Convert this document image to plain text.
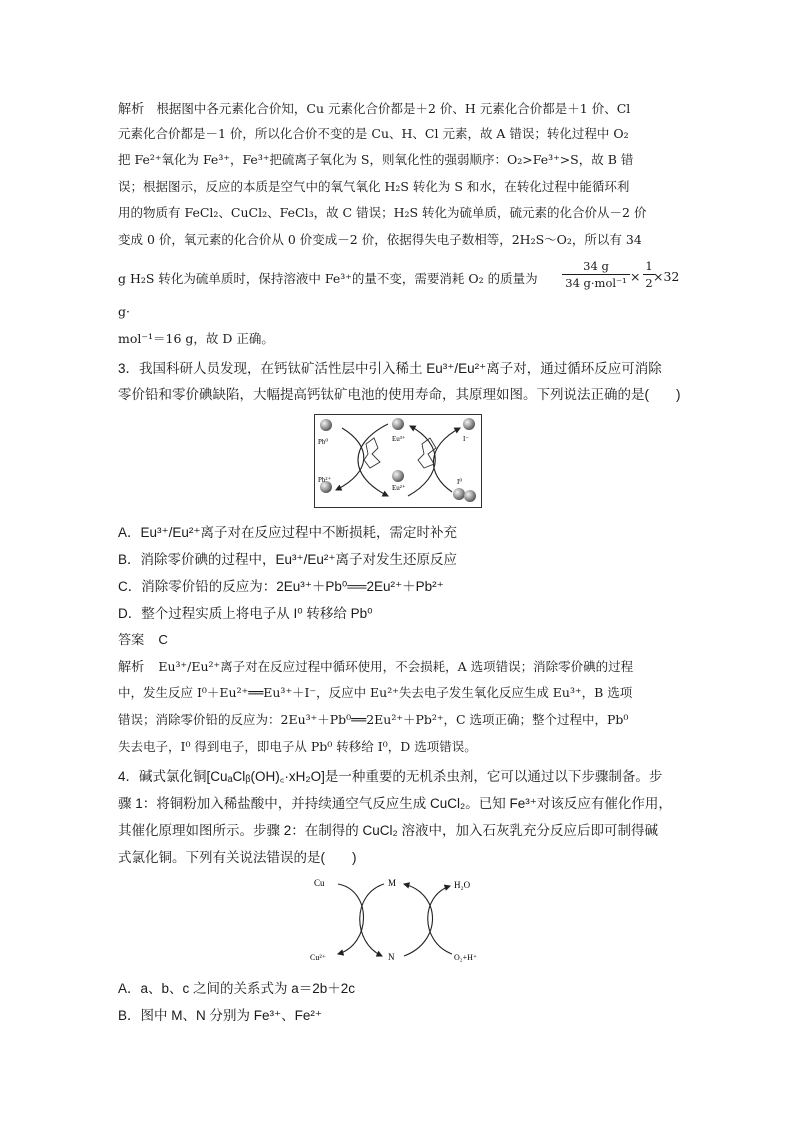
解析 根据图中各元素化合价知，Cu 元素化合价都是＋2 价、H 元素化合价都是＋1 价、Cl
元素化合价都是－1 价，所以化合价不变的是 Cu、H、Cl 元素，故 A 错误；转化过程中 O₂
把 Fe²⁺氧化为 Fe³⁺，Fe³⁺把硫离子氧化为 S，则氧化性的强弱顺序：O₂>Fe³⁺>S，故 B 错
误；根据图示，反应的本质是空气中的氧气氧化 H₂S 转化为 S 和水，在转化过程中能循环利
用的物质有 FeCl₂、CuCl₂、FeCl₃，故 C 错误；H₂S 转化为硫单质，硫元素的化合价从－2 价
变成 0 价，氧元素的化合价从 0 价变成－2 价，依据得失电子数相等，2H₂S～O₂，所以有 34
g H₂S 转化为硫单质时，保持溶液中 Fe³⁺的量不变，需要消耗 O₂ 的质量为
34 g
34 $g\cdot mol^{-1} \times \frac{1}{2}$
×32
g·
mol⁻¹＝16 g，故 D 正确。
3．我国科研人员发现，在钙钛矿活性层中引入稀土 Eu³⁺/Eu²⁺离子对，通过循环反应可消除
零价铅和零价碘缺陷，大幅提高钙钛矿电池的使用寿命，其原理如图。下列说法正确的是(　　)
Pb⁰
Pb²⁺
Eu³⁺
Eu²⁺
I⁻
I⁰
A．Eu³⁺/Eu²⁺离子对在反应过程中不断损耗，需定时补充
B．消除零价碘的过程中，Eu³⁺/Eu²⁺离子对发生还原反应
C．消除零价铅的反应为：2Eu³⁺＋Pb⁰══2Eu²⁺＋Pb²⁺
D．整个过程实质上将电子从 I⁰ 转移给 Pb⁰
答案 C
解析 Eu³⁺/Eu²⁺离子对在反应过程中循环使用，不会损耗，A 选项错误；消除零价碘的过程
中，发生反应 I⁰＋Eu²⁺══Eu³⁺＋I⁻，反应中 Eu²⁺失去电子发生氧化反应生成 Eu³⁺，B 选项
错误；消除零价铅的反应为：2Eu³⁺＋Pb⁰══2Eu²⁺＋Pb²⁺，C 选项正确；整个过程中，Pb⁰
失去电子，I⁰ 得到电子，即电子从 Pb⁰ 转移给 I⁰，D 选项错误。
4．碱式氯化铜[CuₐClᵦ(OH)꜀·xH₂O]是一种重要的无机杀虫剂，它可以通过以下步骤制备。步
骤 1：将铜粉加入稀盐酸中，并持续通空气反应生成 CuCl₂。已知 Fe³⁺对该反应有催化作用，
其催化原理如图所示。步骤 2：在制得的 CuCl₂ 溶液中，加入石灰乳充分反应后即可制得碱
式氯化铜。下列有关说法错误的是(　　)
Cu
Cu²⁺
M
N
H₂O
O₂+H⁺
A．a、b、c 之间的关系式为 a＝2b＋2c
B．图中 M、N 分别为 Fe³⁺、Fe²⁺
